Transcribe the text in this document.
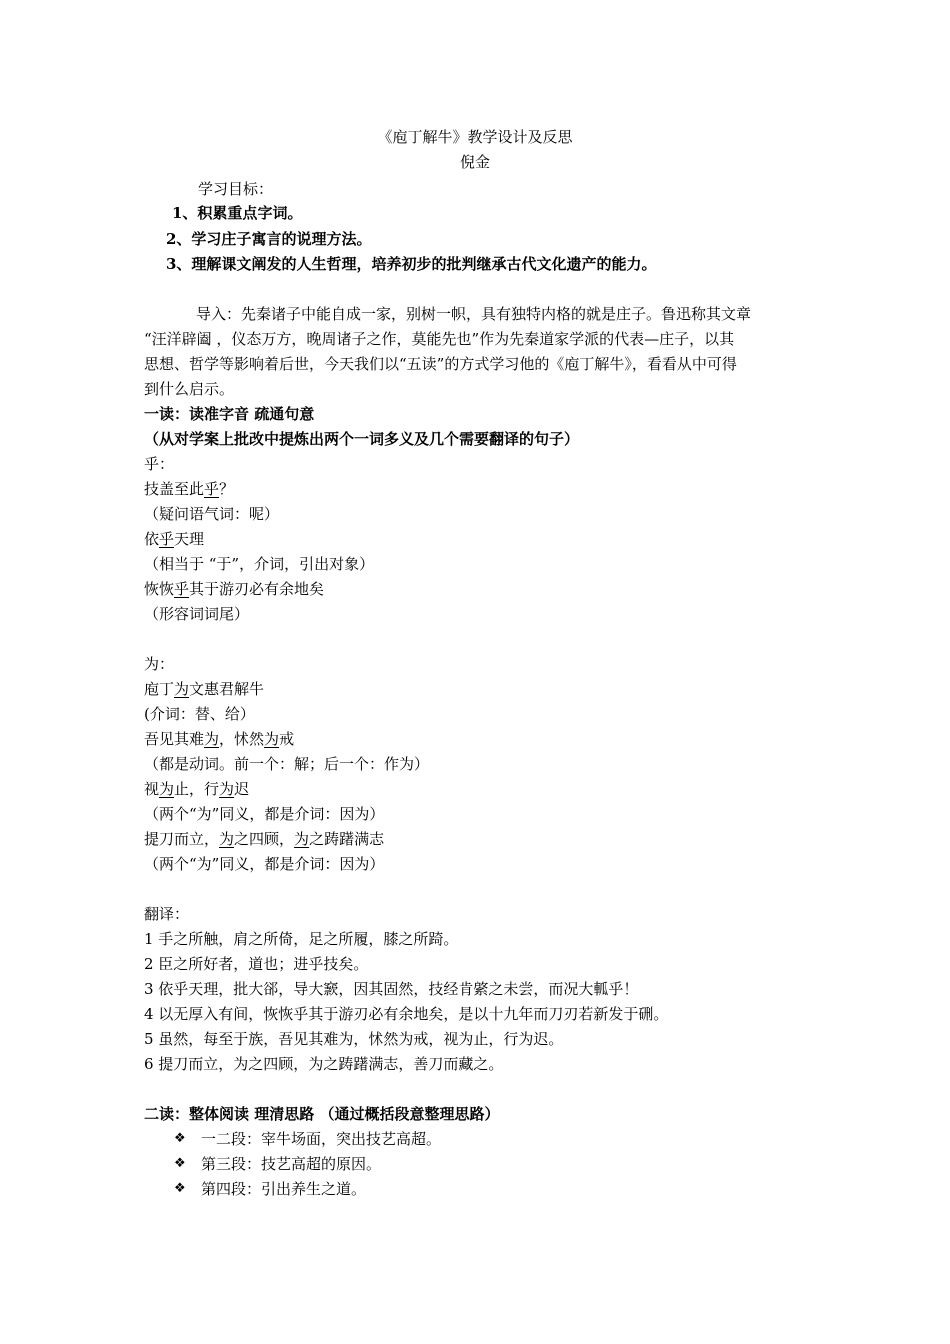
《庖丁解牛》教学设计及反思
倪金
学习目标：
1、积累重点字词。
2、学习庄子寓言的说理方法。
3、理解课文阐发的人生哲理，培养初步的批判继承古代文化遗产的能力。
导入：先秦诸子中能自成一家，别树一帜，具有独特内格的就是庄子。鲁迅称其文章
“汪洋辟阖 ，仪态万方，晚周诸子之作，莫能先也”作为先秦道家学派的代表—庄子，以其
思想、哲学等影响着后世，今天我们以“五读”的方式学习他的《庖丁解牛》，看看从中可得
到什么启示。
一读：读准字音 疏通句意
（从对学案上批改中提炼出两个一词多义及几个需要翻译的句子）
乎：
技盖至此乎？
（疑问语气词：呢）
依乎天理
（相当于 “于”，介词，引出对象）
恢恢乎其于游刃必有余地矣
（形容词词尾）
为：
庖丁为文惠君解牛
(介词：替、给）
吾见其难为，怵然为戒
（都是动词。前一个：解；后一个：作为）
视为止，行为迟
（两个“为”同义，都是介词：因为）
提刀而立，为之四顾，为之踌躇满志
（两个“为”同义，都是介词：因为）
翻译：
1 手之所触，肩之所倚，足之所履，膝之所踦。
2 臣之所好者，道也；进乎技矣。
3 依乎天理，批大郤，导大窾，因其固然，技经肯綮之未尝，而况大軱乎！
4 以无厚入有间，恢恢乎其于游刃必有余地矣，是以十九年而刀刃若新发于硎。
5 虽然，每至于族，吾见其难为，怵然为戒，视为止，行为迟。
6 提刀而立，为之四顾，为之踌躇满志，善刀而藏之。
二读：整体阅读 理清思路 （通过概括段意整理思路）
❖ 一二段：宰牛场面，突出技艺高超。
❖ 第三段：技艺高超的原因。
❖ 第四段：引出养生之道。
